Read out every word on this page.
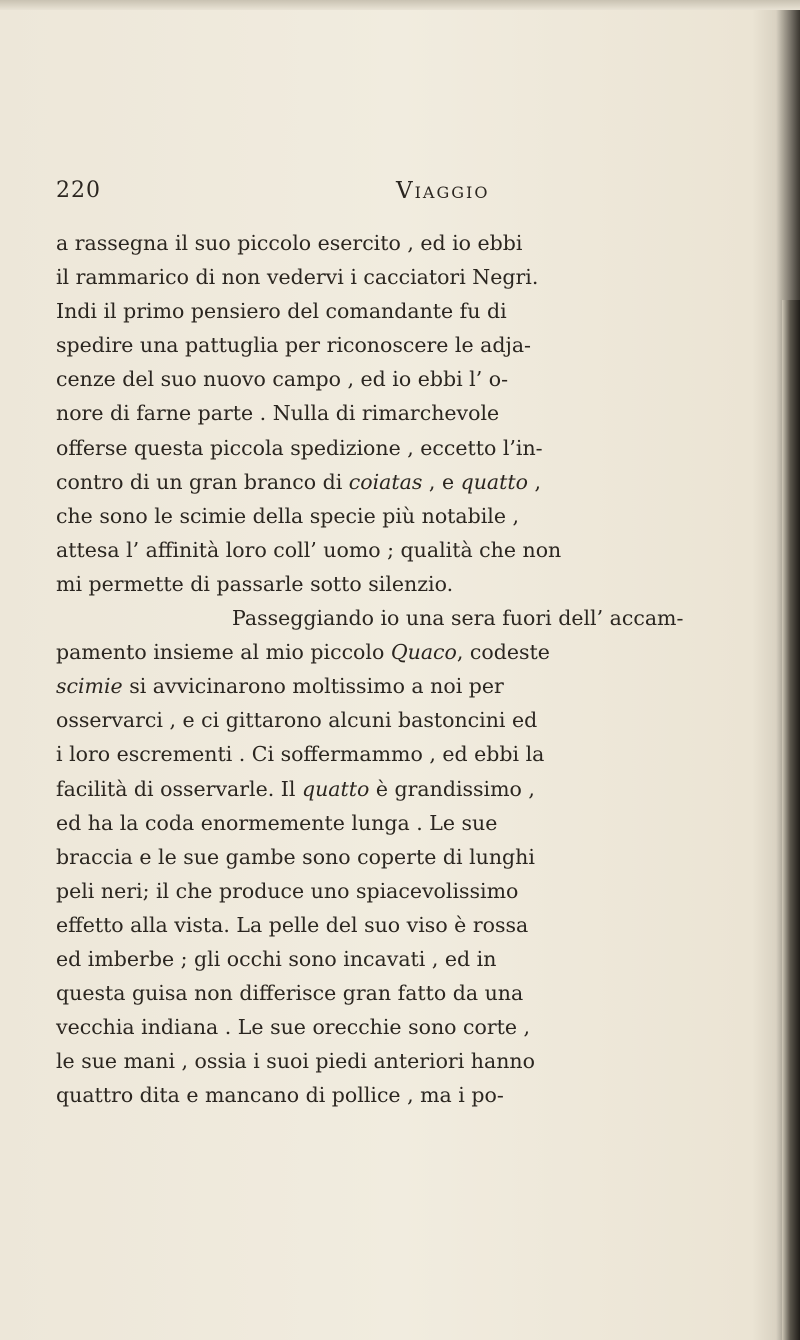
220	Viaggio
a rassegna il suo piccolo esercito , ed io ebbi
il rammarico di non vedervi i cacciatori Negri.
Indi il primo pensiero del comandante fu di
spedire una pattuglia per riconoscere le adja-
cenze del suo nuovo campo , ed io ebbi l’ o-
nore di farne parte . Nulla di rimarchevole
offerse questa piccola spedizione , eccetto l’in-
contro di un gran branco di coiatas , e quatto ,
che sono le scimie della specie più notabile ,
attesa l’ affinità loro coll’ uomo ; qualità che non
mi permette di passarle sotto silenzio.
Passeggiando io una sera fuori dell’ accam-
pamento insieme al mio piccolo Quaco, codeste
scimie si avvicinarono moltissimo a noi per
osservarci , e ci gittarono alcuni bastoncini ed
i loro escrementi . Ci soffermammo , ed ebbi la
facilità di osservarle. Il quatto è grandissimo ,
ed ha la coda enormemente lunga . Le sue
braccia e le sue gambe sono coperte di lunghi
peli neri; il che produce uno spiacevolissimo
effetto alla vista. La pelle del suo viso è rossa
ed imberbe ; gli occhi sono incavati , ed in
questa guisa non differisce gran fatto da una
vecchia indiana . Le sue orecchie sono corte ,
le sue mani , ossia i suoi piedi anteriori hanno
quattro dita e mancano di pollice , ma i po-
